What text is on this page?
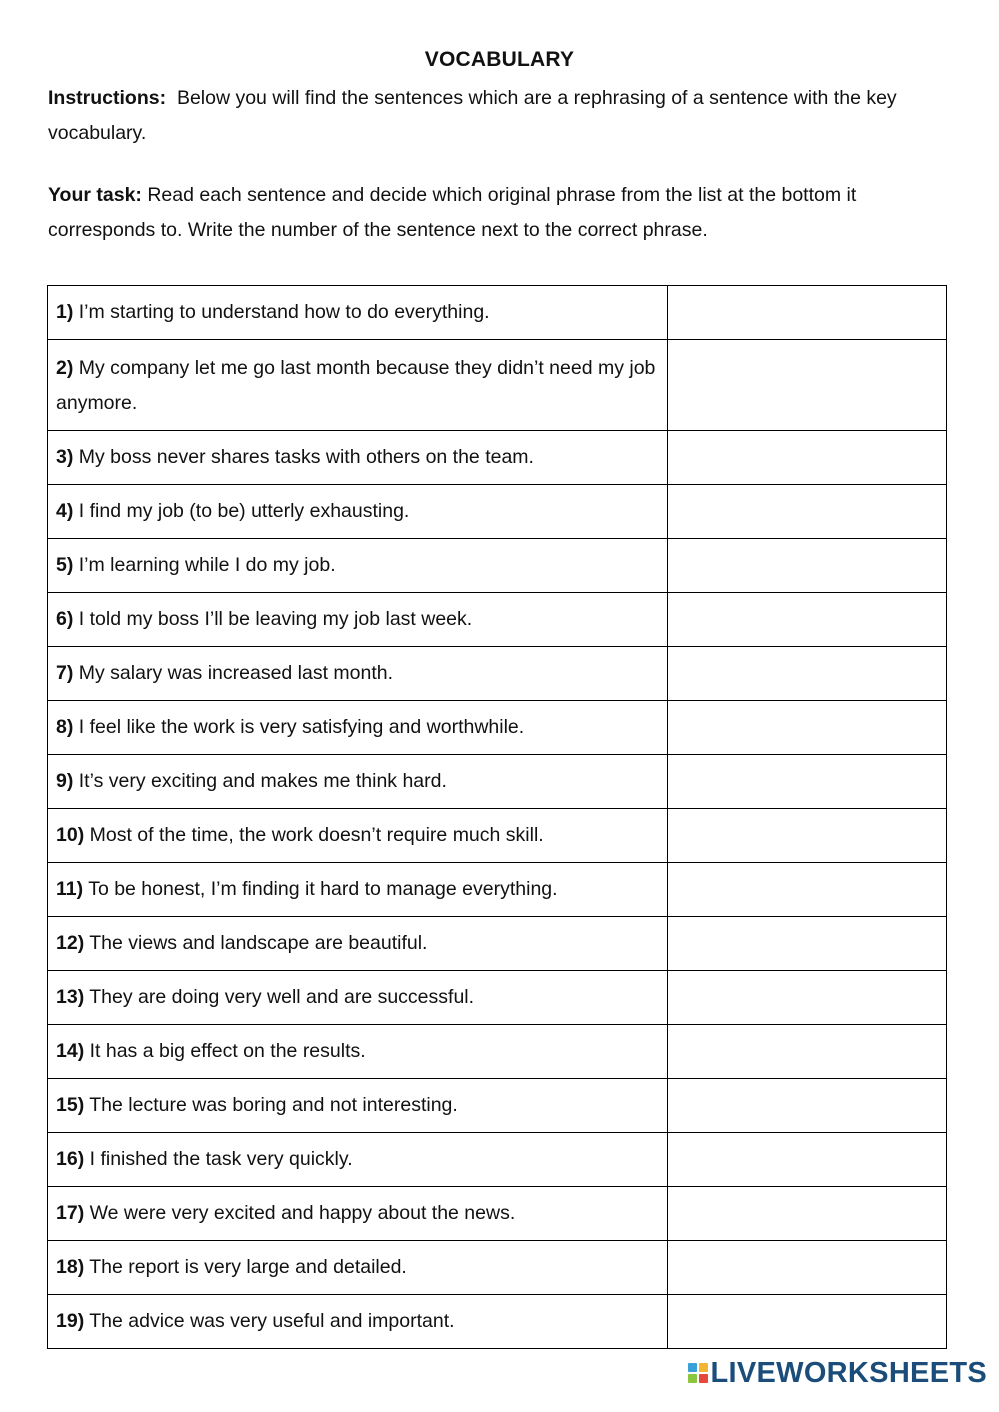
VOCABULARY
Instructions: Below you will find the sentences which are a rephrasing of a sentence with the key vocabulary.
Your task: Read each sentence and decide which original phrase from the list at the bottom it corresponds to. Write the number of the sentence next to the correct phrase.
1) I’m starting to understand how to do everything.	

2) My company let me go last month because they didn’t need my job anymore.	

3) My boss never shares tasks with others on the team.	

4) I find my job (to be) utterly exhausting.	

5) I’m learning while I do my job.	

6) I told my boss I’ll be leaving my job last week.	

7) My salary was increased last month.	

8) I feel like the work is very satisfying and worthwhile.	

9) It’s very exciting and makes me think hard.	

10) Most of the time, the work doesn’t require much skill.	

11) To be honest, I’m finding it hard to manage everything.	

12) The views and landscape are beautiful.	

13) They are doing very well and are successful.	

14) It has a big effect on the results.	

15) The lecture was boring and not interesting.	

16) I finished the task very quickly.	

17) We were very excited and happy about the news.	

18) The report is very large and detailed.	

19) The advice was very useful and important.	
LIVEWORKSHEETS
